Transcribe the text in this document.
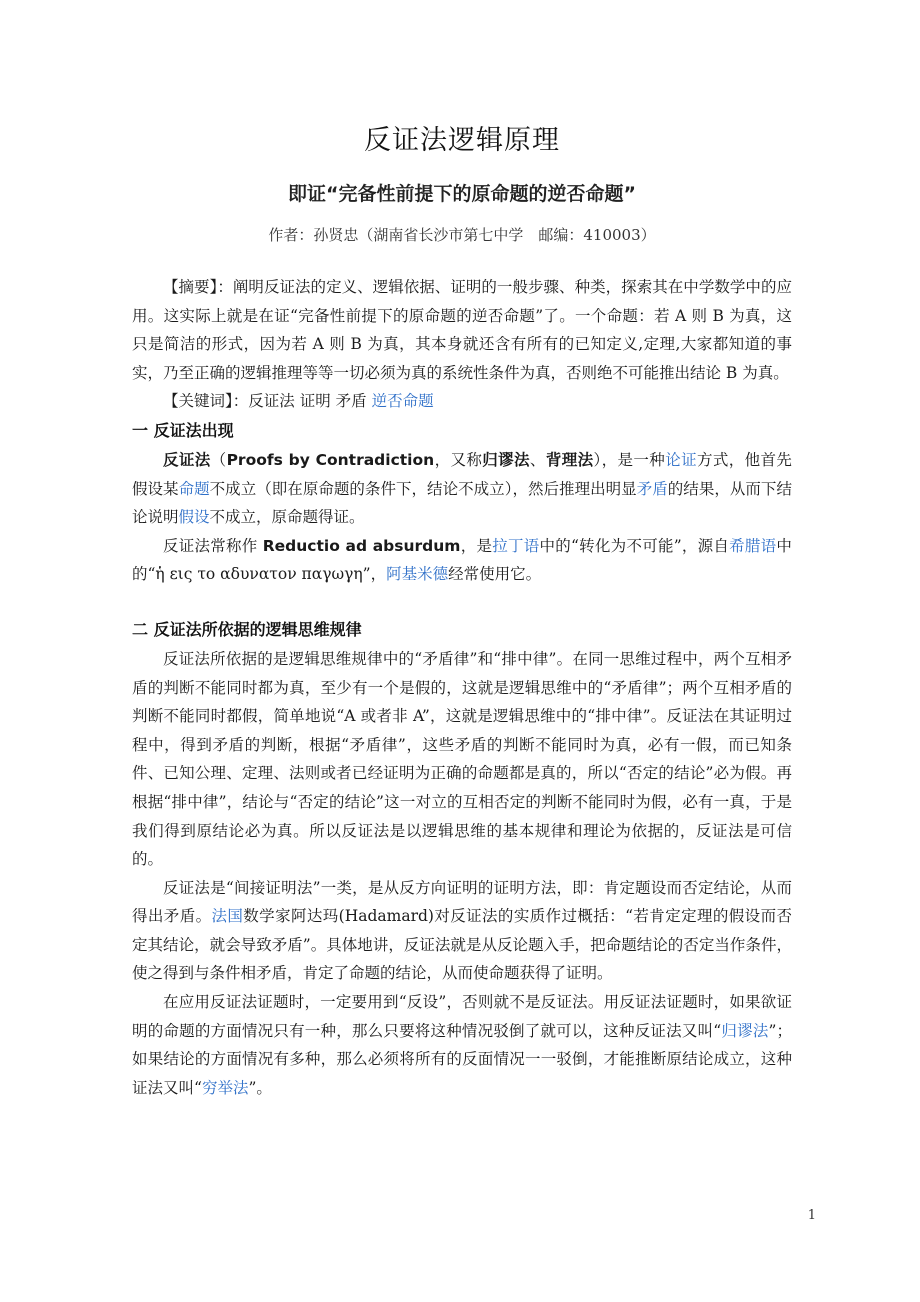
反证法逻辑原理
即证“完备性前提下的原命题的逆否命题”
作者：孙贤忠（湖南省长沙市第七中学　邮编：410003）

【摘要】：阐明反证法的定义、逻辑依据、证明的一般步骤、种类，探索其在中学数学中的应用。这实际上就是在证“完备性前提下的原命题的逆否命题”了。一个命题：若 A 则 B 为真，这只是简洁的形式，因为若 A 则 B 为真，其本身就还含有所有的已知定义,定理,大家都知道的事实，乃至正确的逻辑推理等等一切必须为真的系统性条件为真，否则绝不可能推出结论 B 为真。

【关键词】：反证法 证明 矛盾 逆否命题

一 反证法出现

反证法（Proofs by Contradiction，又称归谬法、背理法），是一种论证方式，他首先假设某命题不成立（即在原命题的条件下，结论不成立），然后推理出明显矛盾的结果，从而下结论说明假设不成立，原命题得证。

反证法常称作 Reductio ad absurdum，是拉丁语中的“转化为不可能”，源自希腊语中的“ἡ εις το αδυνατον παγωγη”，阿基米德经常使用它。

二 反证法所依据的逻辑思维规律

反证法所依据的是逻辑思维规律中的“矛盾律”和“排中律”。在同一思维过程中，两个互相矛盾的判断不能同时都为真，至少有一个是假的，这就是逻辑思维中的“矛盾律”；两个互相矛盾的判断不能同时都假，简单地说“A 或者非 A”，这就是逻辑思维中的“排中律”。反证法在其证明过程中，得到矛盾的判断，根据“矛盾律”，这些矛盾的判断不能同时为真，必有一假，而已知条件、已知公理、定理、法则或者已经证明为正确的命题都是真的，所以“否定的结论”必为假。再根据“排中律”，结论与“否定的结论”这一对立的互相否定的判断不能同时为假，必有一真，于是我们得到原结论必为真。所以反证法是以逻辑思维的基本规律和理论为依据的，反证法是可信的。

反证法是“间接证明法”一类，是从反方向证明的证明方法，即：肯定题设而否定结论，从而得出矛盾。法国数学家阿达玛(Hadamard)对反证法的实质作过概括：“若肯定定理的假设而否定其结论，就会导致矛盾”。具体地讲，反证法就是从反论题入手，把命题结论的否定当作条件，使之得到与条件相矛盾，肯定了命题的结论，从而使命题获得了证明。

在应用反证法证题时，一定要用到“反设”，否则就不是反证法。用反证法证题时，如果欲证明的命题的方面情况只有一种，那么只要将这种情况驳倒了就可以，这种反证法又叫“归谬法”；如果结论的方面情况有多种，那么必须将所有的反面情况一一驳倒，才能推断原结论成立，这种证法又叫“穷举法”。

1
